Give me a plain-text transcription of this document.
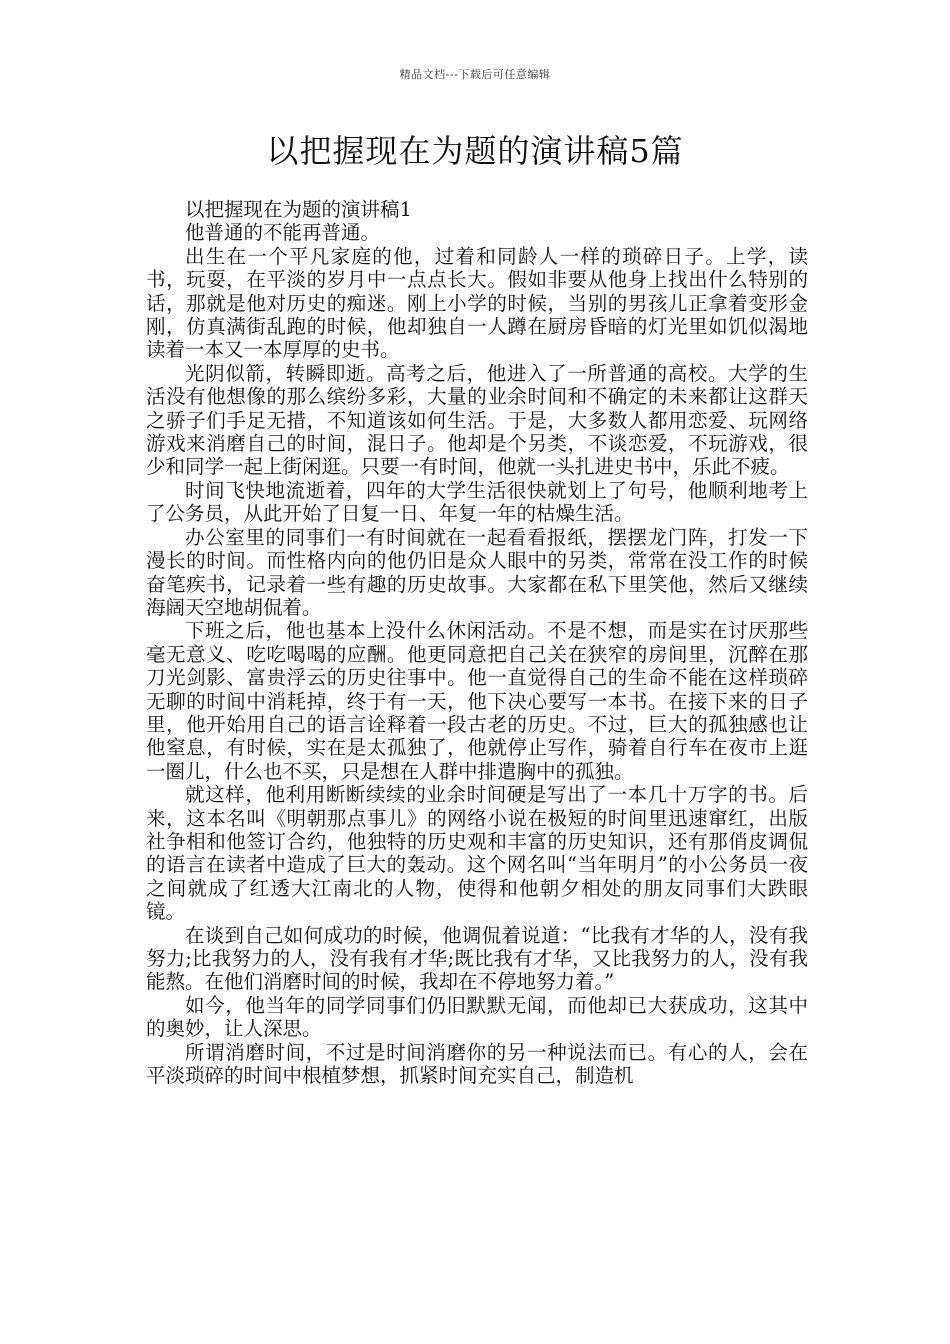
精品文档---下载后可任意编辑
以把握现在为题的演讲稿5篇

以把握现在为题的演讲稿1

他普通的不能再普通。

出生在一个平凡家庭的他，过着和同龄人一样的琐碎日子。上学，读书，玩耍，在平淡的岁月中一点点长大。假如非要从他身上找出什么特别的话，那就是他对历史的痴迷。刚上小学的时候，当别的男孩儿正拿着变形金刚，仿真满街乱跑的时候，他却独自一人蹲在厨房昏暗的灯光里如饥似渴地读着一本又一本厚厚的史书。

光阴似箭，转瞬即逝。高考之后，他进入了一所普通的高校。大学的生活没有他想像的那么缤纷多彩，大量的业余时间和不确定的未来都让这群天之骄子们手足无措，不知道该如何生活。于是，大多数人都用恋爱、玩网络游戏来消磨自己的时间，混日子。他却是个另类，不谈恋爱，不玩游戏，很少和同学一起上街闲逛。只要一有时间，他就一头扎进史书中，乐此不疲。

时间飞快地流逝着，四年的大学生活很快就划上了句号，他顺利地考上了公务员，从此开始了日复一日、年复一年的枯燥生活。

办公室里的同事们一有时间就在一起看看报纸，摆摆龙门阵，打发一下漫长的时间。而性格内向的他仍旧是众人眼中的另类，常常在没工作的时候奋笔疾书，记录着一些有趣的历史故事。大家都在私下里笑他，然后又继续海阔天空地胡侃着。

下班之后，他也基本上没什么休闲活动。不是不想，而是实在讨厌那些毫无意义、吃吃喝喝的应酬。他更同意把自己关在狭窄的房间里，沉醉在那刀光剑影、富贵浮云的历史往事中。他一直觉得自己的生命不能在这样琐碎无聊的时间中消耗掉，终于有一天，他下决心要写一本书。在接下来的日子里，他开始用自己的语言诠释着一段古老的历史。不过，巨大的孤独感也让他窒息，有时候，实在是太孤独了，他就停止写作，骑着自行车在夜市上逛一圈儿，什么也不买，只是想在人群中排遣胸中的孤独。

就这样，他利用断断续续的业余时间硬是写出了一本几十万字的书。后来，这本名叫《明朝那点事儿》的网络小说在极短的时间里迅速窜红，出版社争相和他签订合约，他独特的历史观和丰富的历史知识，还有那俏皮调侃的语言在读者中造成了巨大的轰动。这个网名叫“当年明月”的小公务员一夜之间就成了红透大江南北的人物，使得和他朝夕相处的朋友同事们大跌眼镜。

在谈到自己如何成功的时候，他调侃着说道：“比我有才华的人，没有我努力;比我努力的人，没有我有才华;既比我有才华，又比我努力的人，没有我能熬。在他们消磨时间的时候，我却在不停地努力着。”

如今，他当年的同学同事们仍旧默默无闻，而他却已大获成功，这其中的奥妙，让人深思。

所谓消磨时间，不过是时间消磨你的另一种说法而已。有心的人，会在平淡琐碎的时间中根植梦想，抓紧时间充实自己，制造机
